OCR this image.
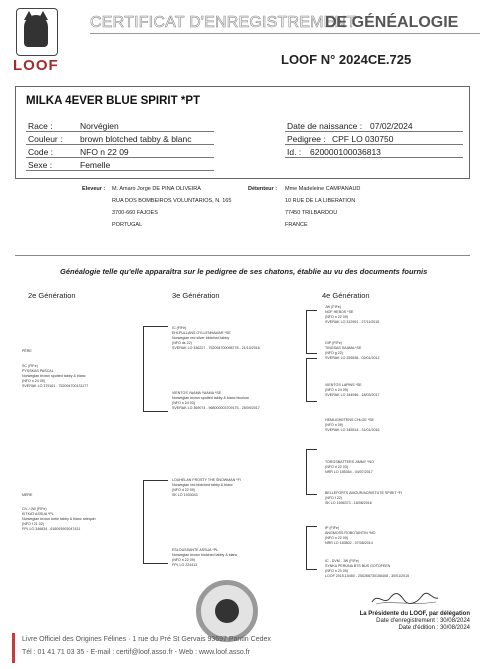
LOOF
CERTIFICAT D'ENREGISTREMENT
DE GÉNÉALOGIE
LOOF N° 2024CE.725
MILKA 4EVER BLUE SPIRIT *PT
Race :	Norvégien
Couleur : brown blotched tabby & blanc
Code :	NFO n 22 09
Sexe :	Femelle
Date de naissance : 07/02/2024
Pedigree : CPF LO 030750
Id. : 620000100036813
Eleveur : M. Amaro Jorge DE PINA OLIVEIRA
RUA DOS BOMBEIROS VOLUNTARIOS, N. 165
3700-660 FAJOES
PORTUGAL
Détenteur : Mme Madeleine CAMPANAUD
10 RUE DE LA LIBERATION
77450 TRILBARDOU
FRANCE
Généalogie telle qu'elle apparaîtra sur le pedigree de ses chatons, établie au vu des documents fournis
2e Génération	3e Génération	4e Génération
PÈRE
SC (FIFe)
PYSSKAS PASCAL
Norwegian brown spotted tabby & blanc
(NFO n 24 09)
SVERAK LO 379161 - 752094700131177
MÈRE
Ch. / JW (FIFe)
KITKAT ASSUA *PL
Norwegian brown tortie tabby & blanc arlequin
(NFO f 21 02)
FPL LO 346834 - 616093903047431
IC (FIFe)
EHLPULLANS GYLLENHAMAR *SE
Norwegian red silver blotched tabby
(NFO ds 22)
SVERAK LO 336227 - 752094700098778 - 21/10/2016
VIENTOS YAAMA YAAMA *SE
Norwegian brown spotted tabby & blanc bicolore
(NFO n 24 03)
SVERAK LO 369074 - 968000003709175 - 25/09/2017
LOUHELAN FROSTY THE SNOWMAN *FI
Norwegian red blotched tabby & blanc
(NFO d 22 09)
SK LO 1933043
ESLOUSSANTE ASSUA *PL
Norwegian brown blotched tabby & blanc
(NFO n 22 09)
FPL LO 224413
JW (FIFe)
NOF HEBOS *SE
(NFO n 22 09)
SVERAK LO 312991 - 27/11/2015
GIP (FIFe)
TINGSAS SAAMA *SE
(NFO g 22)
SVERAK LO 259538 - 02/01/2012
VIENTOS LAPINS *SE
(NFO n 24 09)
SVERAK LO 344946 - 18/03/2017
HEMLIGHETENS CHLOE *SE
(NFO n 09)
SVERAK LO 345514 - 31/01/2016
TORGSBATTERS JIMMY *NO
(NFO d 22 03)
NRR LO 185364 - 04/07/2017
BELLEFORTS AMOUR/ACRISTUTE SPIRIT *FI
(NFO f 22)
SK LO 1696373 - 16/08/2016
IP (FIFe)
ANGMOSS ROBOTANTIN *NO
(NFO n 22 09)
NRR LO 183802 - 07/08/2014
IC - DVM - JW (FIFe)
SYNKA PERUNA BTS BUS GOTOFEEN
(NFO n 23 09)
LOOF 2015.15450 - 250268730156408 - 30/01/2015
La Présidente du LOOF, par délégation
Date d'enregistrement : 30/08/2024
Date d'édition : 30/08/2024
Livre Officiel des Origines Félines · 1 rue du Pré St Gervais 93697 Pantin Cedex
Tél : 01 41 71 03 35 - E-mail : certif@loof.asso.fr - Web : www.loof.asso.fr
